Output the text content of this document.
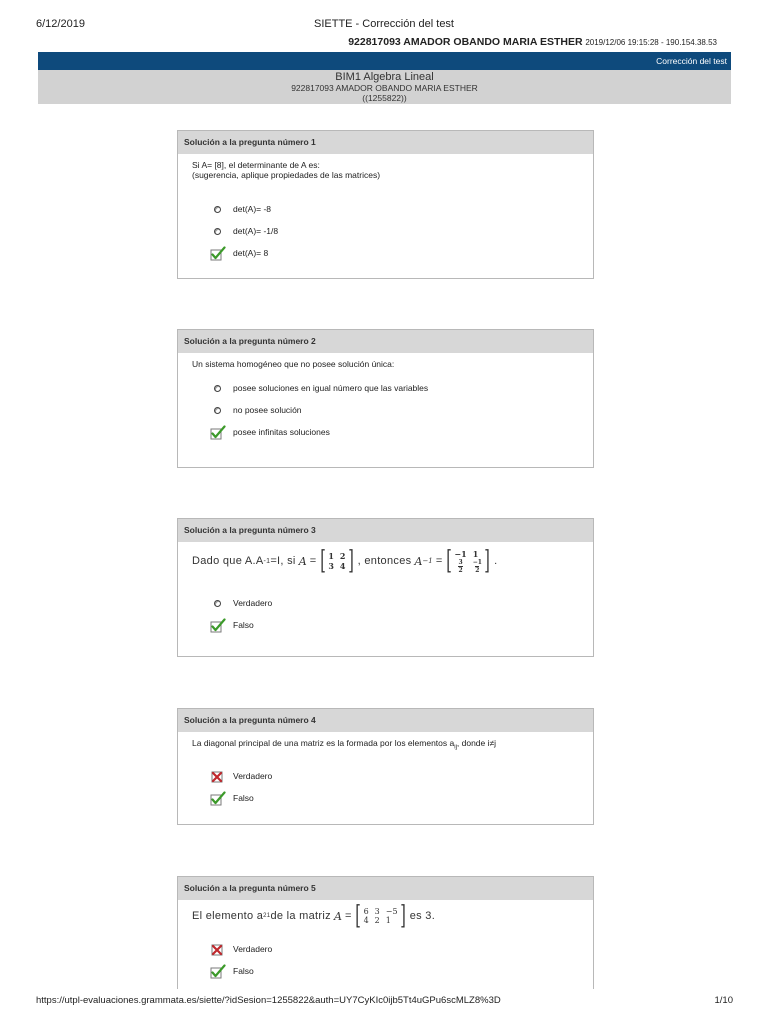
6/12/2019	SIETTE - Corrección del test
922817093 AMADOR OBANDO MARIA ESTHER 2019/12/06 19:15:28 - 190.154.38.53
Corrección del test
BIM1 Algebra Lineal
922817093 AMADOR OBANDO MARIA ESTHER
((1255822))
Solución a la pregunta número 1
Si A= [8], el determinante de A es:
(sugerencia, aplique propiedades de las matrices)
det(A)= -8
det(A)= -1/8
det(A)= 8
Solución a la pregunta número 2
Un sistema homogéneo que no posee solución única:
posee soluciones en igual número que las variables
no posee solución
posee infinitas soluciones
Solución a la pregunta número 3
Dado que A.A -1 =I, si
A
= [ 1 2
3 4 ] , entonces
A −1
= [ −1 1
$\frac{3}{2} \frac{-1}{2}$ ] .
Verdadero
Falso
Solución a la pregunta número 4
La diagonal principal de una matriz es la formada por los elementos $a_{ij}$, donde i≠j
Verdadero
Falso
Solución a la pregunta número 5
El elemento a 21 de la matriz
A
= [ 6 3 −5
4 2 1 ] es 3.
Verdadero
Falso
https://utpl-evaluaciones.grammata.es/siette/?idSesion=1255822&auth=UY7CyKIc0ijb5Tt4uGPu6scMLZ8%3D	1/10
